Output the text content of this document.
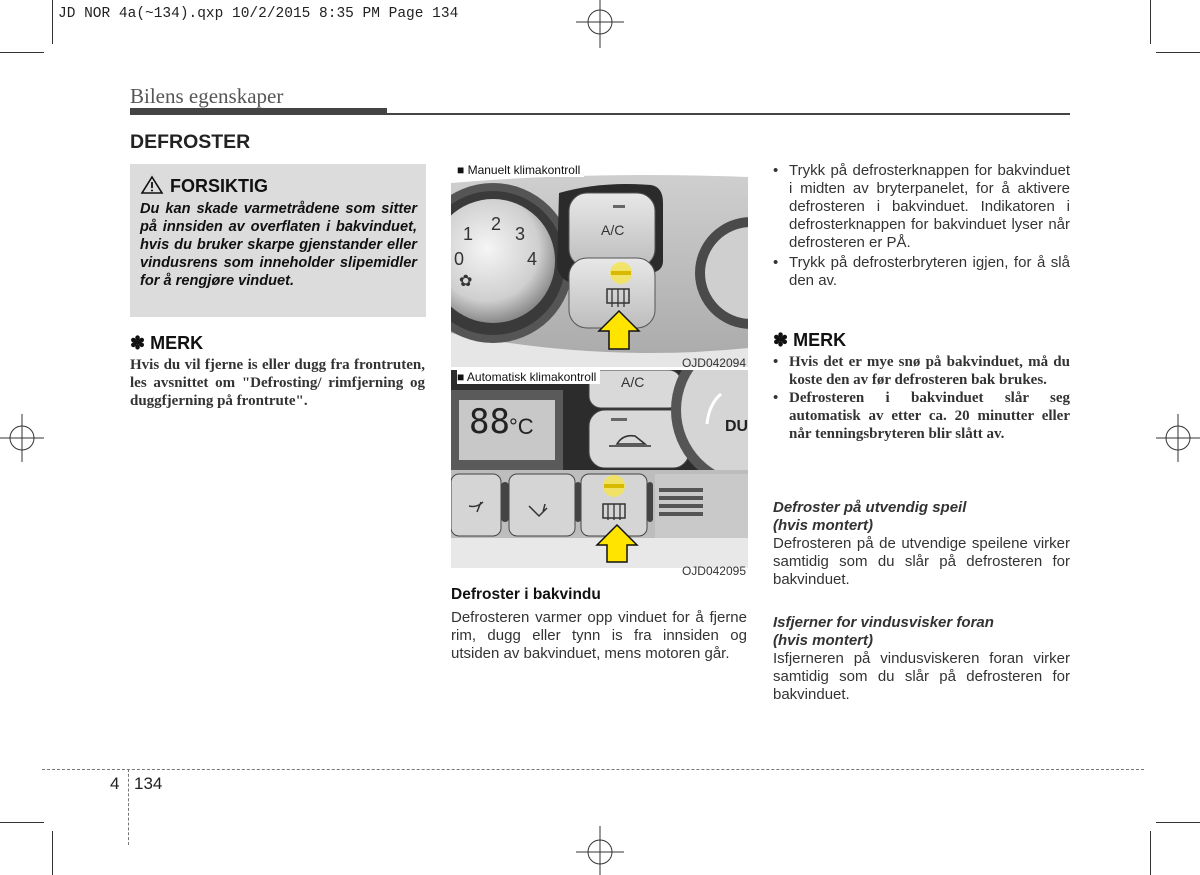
JD NOR 4a(~134).qxp 10/2/2015 8:35 PM Page 134
Bilens egenskaper
DEFROSTER
FORSIKTIG
Du kan skade varmetrådene som sitter på innsiden av overflaten i bakvinduet, hvis du bruker skarpe gjenstander eller vindusrens som inneholder slipemidler for å rengjøre vinduet.
✽ MERK
Hvis du vil fjerne is eller dugg fra frontruten, les avsnittet om "Defrosting/ rimfjerning og duggfjerning på frontrute".
A/C
1 2 3
0	4
✿
■ Manuelt klimakontroll
OJD042094
88 °C
A/C
DU
■ Automatisk klimakontroll
OJD042095
Defroster i bakvindu
Defrosteren varmer opp vinduet for å fjerne rim, dugg eller tynn is fra innsiden og utsiden av bakvinduet, mens motoren går.
• Trykk på defrosterknappen for bakvinduet i midten av bryterpanelet, for å aktivere defrosteren i bakvinduet. Indikatoren i defrosterknappen for bakvinduet lyser når defrosteren er PÅ.
• Trykk på defrosterbryteren igjen, for å slå den av.
✽ MERK
• Hvis det er mye snø på bakvinduet, må du koste den av før defrosteren bak brukes.
• Defrosteren i bakvinduet slår seg automatisk av etter ca. 20 minutter eller når tenningsbryteren blir slått av.
Defroster på utvendig speil
(hvis montert)
Defrosteren på de utvendige speilene virker samtidig som du slår på defrosteren for bakvinduet.
Isfjerner for vindusvisker foran
(hvis montert)
Isfjerneren på vindusviskeren foran virker samtidig som du slår på defrosteren for bakvinduet.
4 134
